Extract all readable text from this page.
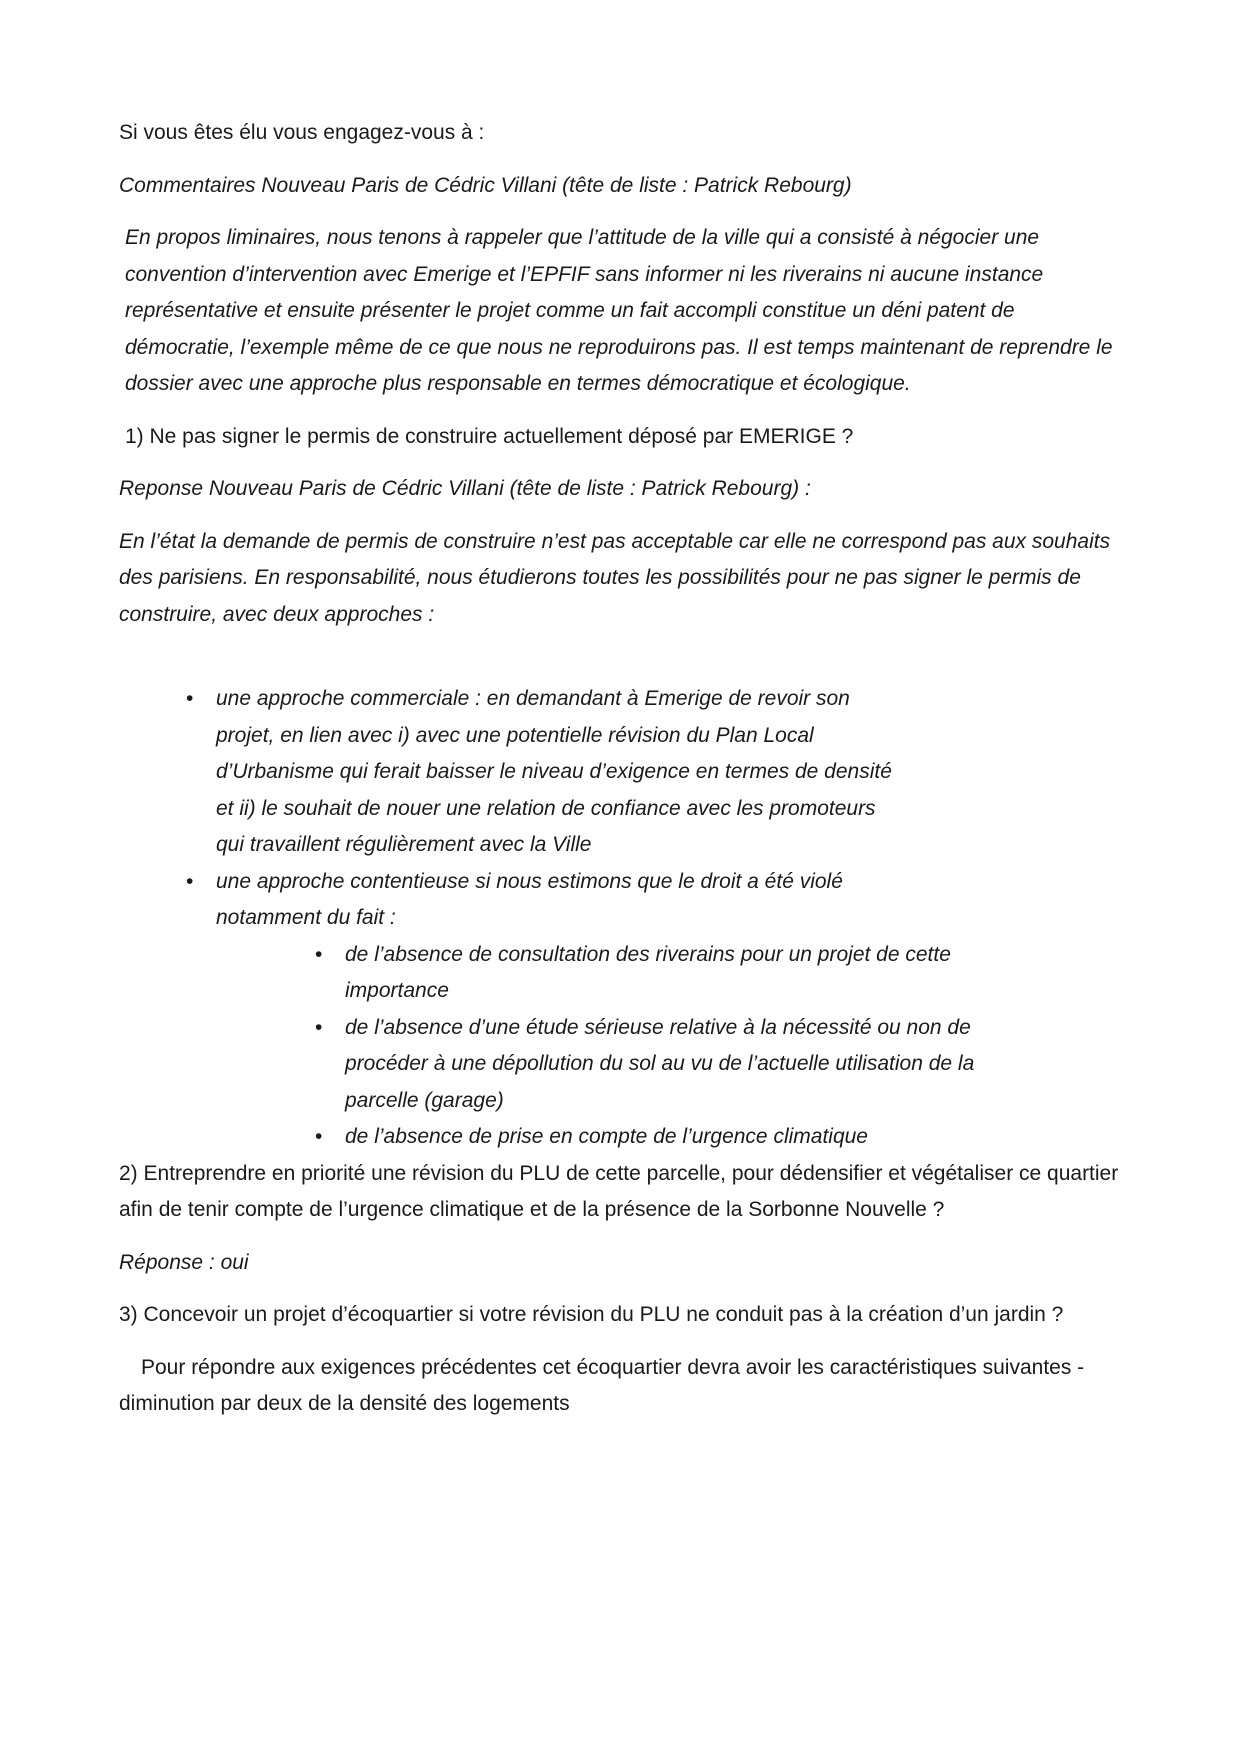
Si vous êtes élu vous engagez-vous à :

Commentaires Nouveau Paris de Cédric Villani (tête de liste : Patrick Rebourg)

En propos liminaires, nous tenons à rappeler que l’attitude de la ville qui a consisté à négocier une convention d’intervention avec Emerige et l’EPFIF sans informer ni les riverains ni aucune instance représentative et ensuite présenter le projet comme un fait accompli constitue un déni patent de démocratie, l’exemple même de ce que nous ne reproduirons pas. Il est temps maintenant de reprendre le dossier avec une approche plus responsable en termes démocratique et écologique.

1) Ne pas signer le permis de construire actuellement déposé par EMERIGE ?

Reponse Nouveau Paris de Cédric Villani (tête de liste : Patrick Rebourg) :

En l’état la demande de permis de construire n’est pas acceptable car elle ne correspond pas aux souhaits des parisiens. En responsabilité, nous étudierons toutes les possibilités pour ne pas signer le permis de construire, avec deux approches :

• une approche commerciale : en demandant à Emerige de revoir son projet, en lien avec i) avec une potentielle révision du Plan Local d’Urbanisme qui ferait baisser le niveau d’exigence en termes de densité et ii) le souhait de nouer une relation de confiance avec les promoteurs qui travaillent régulièrement avec la Ville
• une approche contentieuse si nous estimons que le droit a été violé notamment du fait :
• de l’absence de consultation des riverains pour un projet de cette importance
• de l’absence d’une étude sérieuse relative à la nécessité ou non de procéder à une dépollution du sol au vu de l’actuelle utilisation de la parcelle (garage)
• de l’absence de prise en compte de l’urgence climatique

2) Entreprendre en priorité une révision du PLU de cette parcelle, pour dédensifier et végétaliser ce quartier afin de tenir compte de l’urgence climatique et de la présence de la Sorbonne Nouvelle ?

Réponse : oui

3) Concevoir un projet d’écoquartier si votre révision du PLU ne conduit pas à la création d’un jardin ?

Pour répondre aux exigences précédentes cet écoquartier devra avoir les caractéristiques suivantes - diminution par deux de la densité des logements
